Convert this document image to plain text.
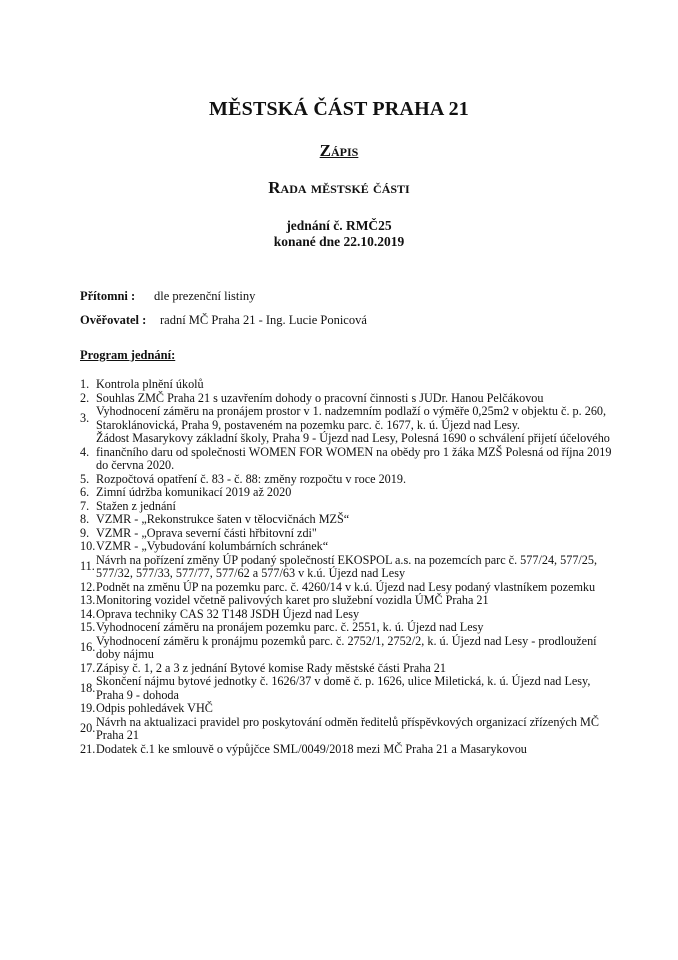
MĚSTSKÁ ČÁST PRAHA 21
Zápis
Rada městské části
jednání č. RMČ25
konané dne 22.10.2019
Přítomni : dle prezenční listiny
Ověřovatel : radní MČ Praha 21 - Ing. Lucie Ponicová
Program jednání:
1. Kontrola plnění úkolů
2. Souhlas ZMČ Praha 21 s uzavřením dohody o pracovní činnosti s JUDr. Hanou Pelčákovou
3. Vyhodnocení záměru na pronájem prostor v 1. nadzemním podlaží o výměře 0,25m2 v objektu č. p. 260, Staroklánovická, Praha 9, postaveném na pozemku parc. č. 1677, k. ú. Újezd nad Lesy.
4.
Žádost Masarykovy základní školy, Praha 9 - Újezd nad Lesy, Polesná 1690 o schválení přijetí účelového finančního daru od společnosti WOMEN FOR WOMEN na obědy pro 1 žáka MZŠ Polesná od října 2019 do června 2020.
5. Rozpočtová opatření č. 83 - č. 88: změny rozpočtu v roce 2019.
6. Zimní údržba komunikací 2019 až 2020
7. Stažen z jednání
8. VZMR - „Rekonstrukce šaten v tělocvičnách MZŠ“
9. VZMR - „Oprava severní části hřbitovní zdi"
10. VZMR - „Vybudování kolumbárních schránek“
11. Návrh na pořízení změny ÚP podaný společností EKOSPOL a.s. na pozemcích parc č. 577/24, 577/25, 577/32, 577/33, 577/77, 577/62 a 577/63 v k.ú. Újezd nad Lesy
12. Podnět na změnu ÚP na pozemku parc. č. 4260/14 v k.ú. Újezd nad Lesy podaný vlastníkem pozemku
13. Monitoring vozidel včetně palivových karet pro služební vozidla ÚMČ Praha 21
14. Oprava techniky CAS 32 T148 JSDH Újezd nad Lesy
15. Vyhodnocení záměru na pronájem pozemku parc. č. 2551, k. ú. Újezd nad Lesy
16. Vyhodnocení záměru k pronájmu pozemků parc. č. 2752/1, 2752/2, k. ú. Újezd nad Lesy - prodloužení doby nájmu
17. Zápisy č. 1, 2 a 3 z jednání Bytové komise Rady městské části Praha 21
18. Skončení nájmu bytové jednotky č. 1626/37 v domě č. p. 1626, ulice Miletická, k. ú. Újezd nad Lesy, Praha 9 - dohoda
19. Odpis pohledávek VHČ
20. Návrh na aktualizaci pravidel pro poskytování odměn ředitelů příspěvkových organizací zřízených MČ Praha 21
21. Dodatek č.1 ke smlouvě o výpůjčce SML/0049/2018 mezi MČ Praha 21 a Masarykovou
